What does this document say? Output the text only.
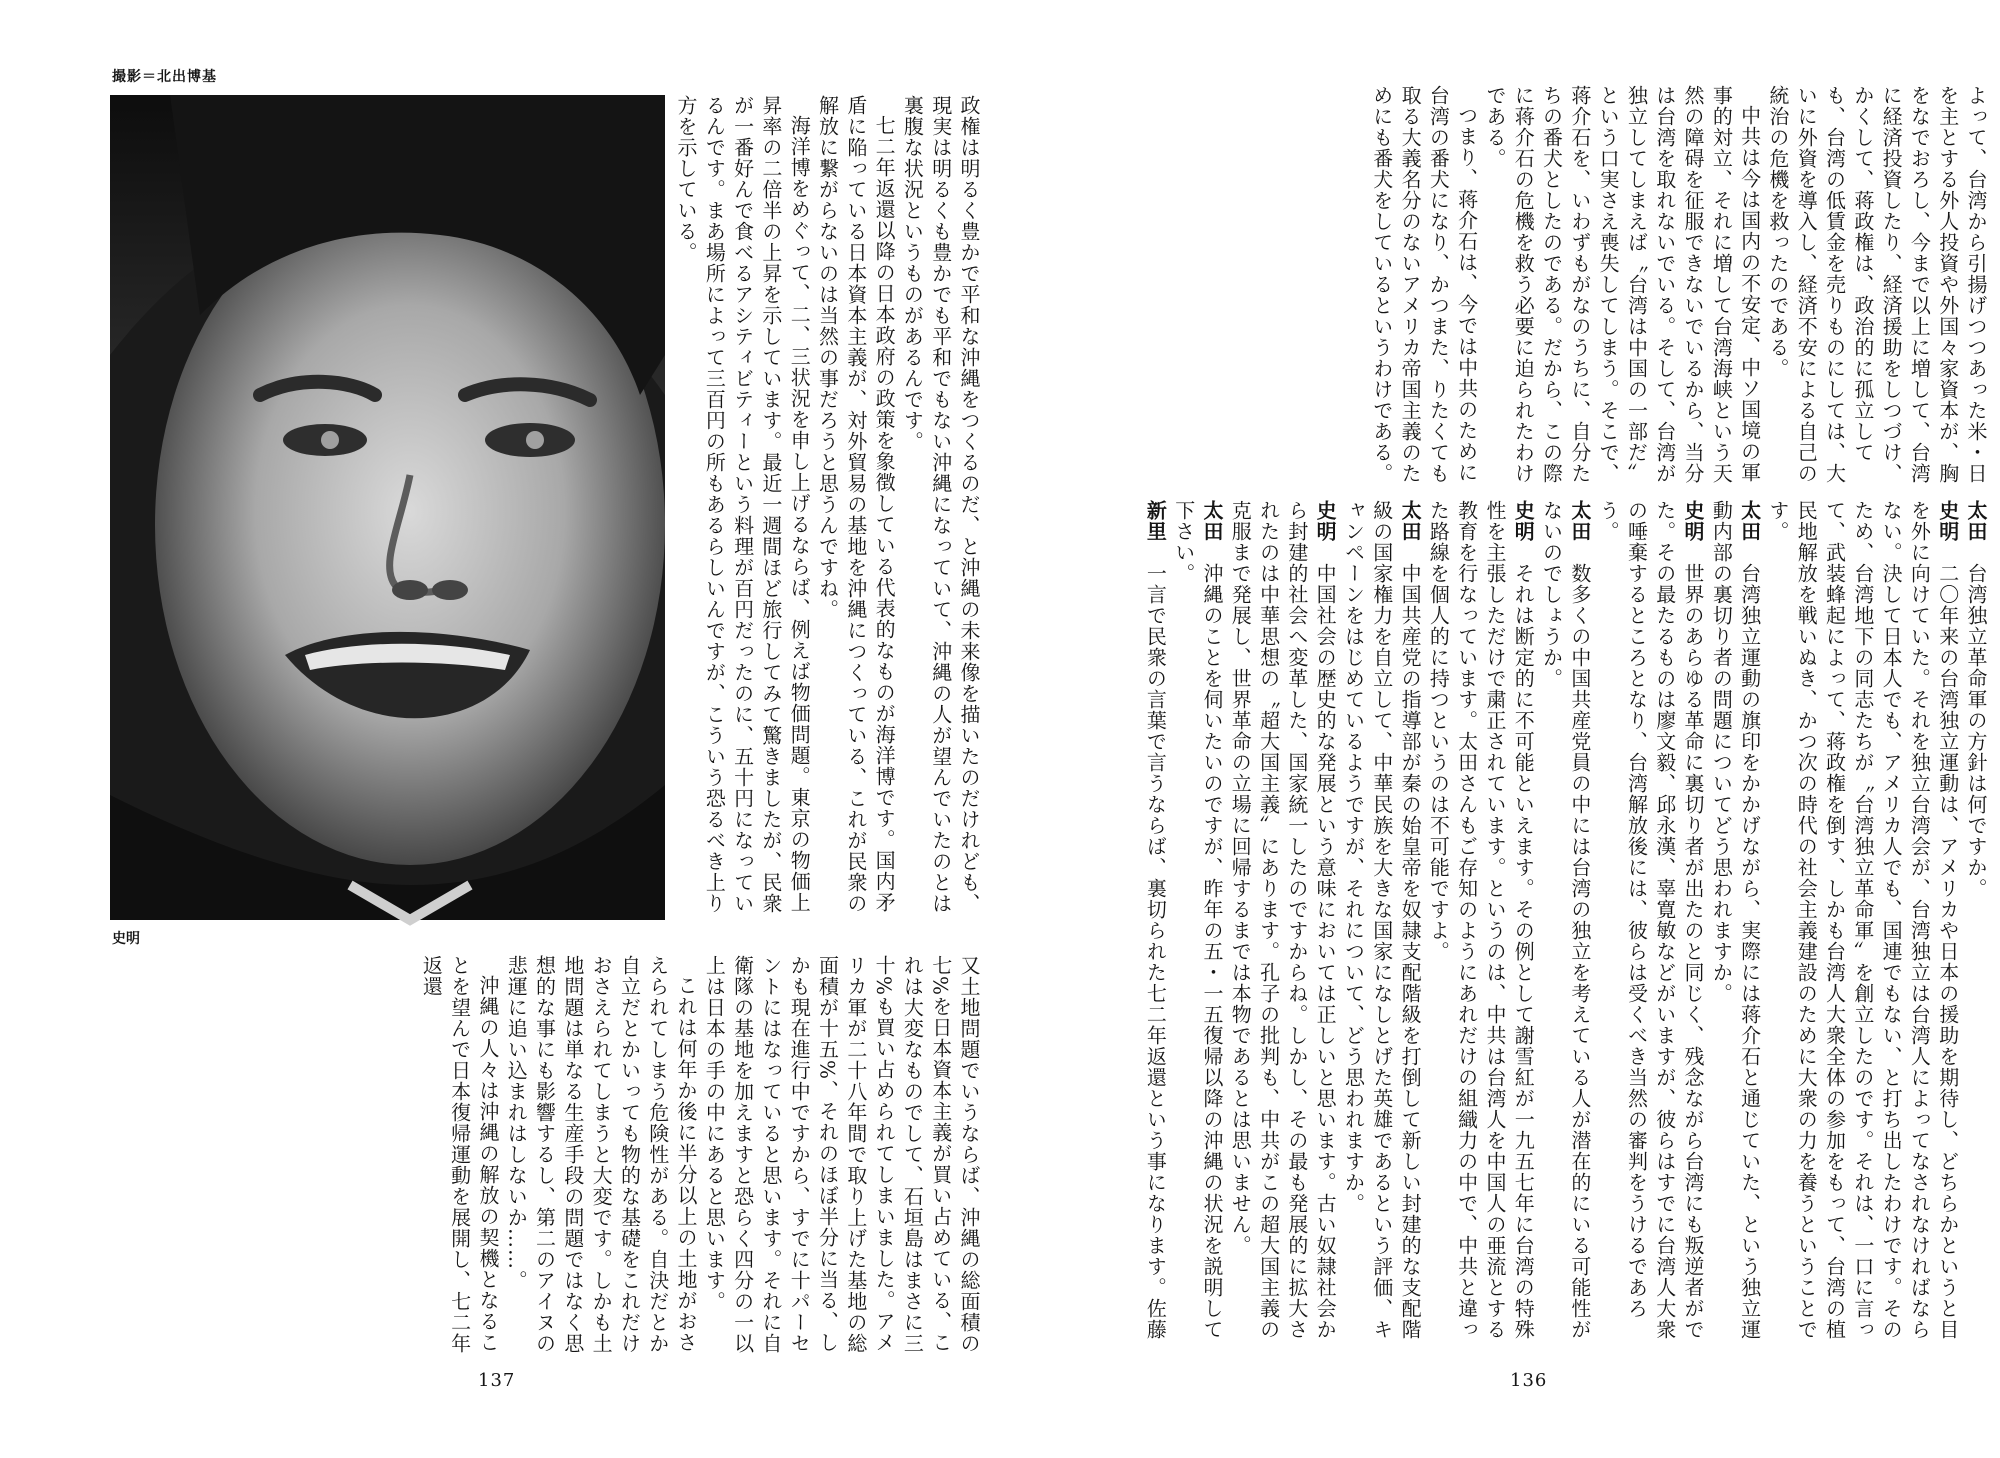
撮影＝北出博基
史明

政権は明るく豊かで平和な沖縄をつくるのだ、と沖縄の未来像を描いたのだけれども、現実は明るくも豊かでも平和でもない沖縄になっていて、沖縄の人が望んでいたのとは裏腹な状況というものがあるんです。

七二年返還以降の日本政府の政策を象徴している代表的なものが海洋博です。国内矛盾に陥っている日本資本主義が、対外貿易の基地を沖縄につくっている、これが民衆の解放に繋がらないのは当然の事だろうと思うんですね。

海洋博をめぐって、二、三状況を申し上げるならば、例えば物価問題。東京の物価上昇率の二倍半の上昇を示しています。最近一週間ほど旅行してみて驚きましたが、民衆が一番好んで食べるアシティビティーという料理が百円だったのに、五十円になっているんです。まあ場所によって三百円の所もあるらしいんですが、こういう恐るべき上り方を示している。

又土地問題でいうならば、沖縄の総面積の七%を日本資本主義が買い占めている、これは大変なものでして、石垣島はまさに三十%も買い占められてしまいました。アメリカ軍が二十八年間で取り上げた基地の総面積が十五%、それのほぼ半分に当る、しかも現在進行中ですから、すでに十パーセントにはなっていると思います。それに自衛隊の基地を加えますと恐らく四分の一以上は日本の手の中にあると思います。

これは何年か後に半分以上の土地がおさえられてしまう危険性がある。自決だとか自立だとかいっても物的な基礎をこれだけおさえられてしまうと大変です。しかも土地問題は単なる生産手段の問題ではなく思想的な事にも影響するし、第二のアイヌの悲運に追い込まれはしないか……。

沖縄の人々は沖縄の解放の契機となることを望んで日本復帰運動を展開し、七二年返還

137

よって、台湾から引揚げつつあった米・日を主とする外人投資や外国々家資本が、胸をなでおろし、今まで以上に増して、台湾に経済投資したり、経済援助をしつづけ、かくして、蒋政権は、政治的に孤立しても、台湾の低賃金を売りものにしては、大いに外資を導入し、経済不安による自己の統治の危機を救ったのである。

中共は今は国内の不安定、中ソ国境の軍事的対立、それに増して台湾海峡という天然の障碍を征服できないでいるから、当分は台湾を取れないでいる。そして、台湾が独立してしまえば〝台湾は中国の一部だ〟という口実さえ喪失してしまう。そこで、蒋介石を、いわずもがなのうちに、自分たちの番犬としたのである。だから、この際に蒋介石の危機を救う必要に迫られたわけである。

つまり、蒋介石は、今では中共のために台湾の番犬になり、かつまた、りたくても取る大義名分のないアメリカ帝国主義のためにも番犬をしているというわけである。

太田　台湾独立革命軍の方針は何ですか。

史明　二〇年来の台湾独立運動は、アメリカや日本の援助を期待し、どちらかというと目を外に向けていた。それを独立台湾会が、台湾独立は台湾人によってなされなければならない。決して日本人でも、アメリカ人でも、国連でもない、と打ち出したわけです。そのため、台湾地下の同志たちが〝台湾独立革命軍〟を創立したのです。それは、一口に言って、武装蜂起によって、蒋政権を倒す、しかも台湾人大衆全体の参加をもって、台湾の植民地解放を戦いぬき、かつ次の時代の社会主義建設のために大衆の力を養うということです。

太田　台湾独立運動の旗印をかかげながら、実際には蒋介石と通じていた、という独立運動内部の裏切り者の問題についてどう思われますか。

史明　世界のあらゆる革命に裏切り者が出たのと同じく、残念ながら台湾にも叛逆者がでた。その最たるものは廖文毅、邱永漢、辜寛敏などがいますが、彼らはすでに台湾人大衆の唾棄するところとなり、台湾解放後には、彼らは受くべき当然の審判をうけるであろう。

太田　数多くの中国共産党員の中には台湾の独立を考えている人が潜在的にいる可能性がないのでしょうか。

史明　それは断定的に不可能といえます。その例として謝雪紅が一九五七年に台湾の特殊性を主張しただけで粛正されています。というのは、中共は台湾人を中国人の亜流とする教育を行なっています。太田さんもご存知のようにあれだけの組織力の中で、中共と違った路線を個人的に持つというのは不可能ですよ。

太田　中国共産党の指導部が秦の始皇帝を奴隷支配階級を打倒して新しい封建的な支配階級の国家権力を自立して、中華民族を大きな国家になしとげた英雄であるという評価、キャンペーンをはじめているようですが、それについて、どう思われますか。

史明　中国社会の歴史的な発展という意味においては正しいと思います。古い奴隷社会から封建的社会へ変革した、国家統一したのですからね。しかし、その最も発展的に拡大されたのは中華思想の〝超大国主義〟にあります。孔子の批判も、中共がこの超大国主義の克服まで発展し、世界革命の立場に回帰するまでは本物であるとは思いません。

太田　沖縄のことを伺いたいのですが、昨年の五・一五復帰以降の沖縄の状況を説明して下さい。

新里　一言で民衆の言葉で言うならば、裏切られた七二年返還という事になります。佐藤

136
